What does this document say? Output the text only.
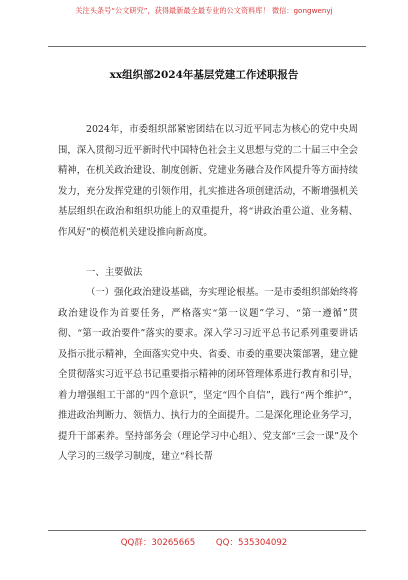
关注头条号“公文研究”，获得最新最全最专业的公文资料库！ 微信：gongwenyj
xx组织部2024年基层党建工作述职报告
2024年，市委组织部紧密团结在以习近平同志为核心的党中央周围，深入贯彻习近平新时代中国特色社会主义思想与党的二十届三中全会精神，在机关政治建设、制度创新、党建业务融合及作风提升等方面持续发力，充分发挥党建的引领作用，扎实推进各项创建活动，不断增强机关基层组织在政治和组织功能上的双重提升，将“讲政治重公道、业务精、作风好”的模范机关建设推向新高度。
一、主要做法
（一）强化政治建设基础，夯实理论根基。一是市委组织部始终将政治建设作为首要任务，严格落实“第一议题”学习、“第一遵循”贯彻、“第一政治要件”落实的要求。深入学习习近平总书记系列重要讲话及指示批示精神，全面落实党中央、省委、市委的重要决策部署，建立健全贯彻落实习近平总书记重要指示精神的闭环管理体系进行教育和引导，着力增强组工干部的“四个意识”，坚定“四个自信”，践行“两个维护”，推进政治判断力、领悟力、执行力的全面提升。二是深化理论业务学习，提升干部素养。坚持部务会（理论学习中心组）、党支部“三会一课”及个人学习的三级学习制度，建立“科长帮
QQ群：30265665 QQ：535304092
